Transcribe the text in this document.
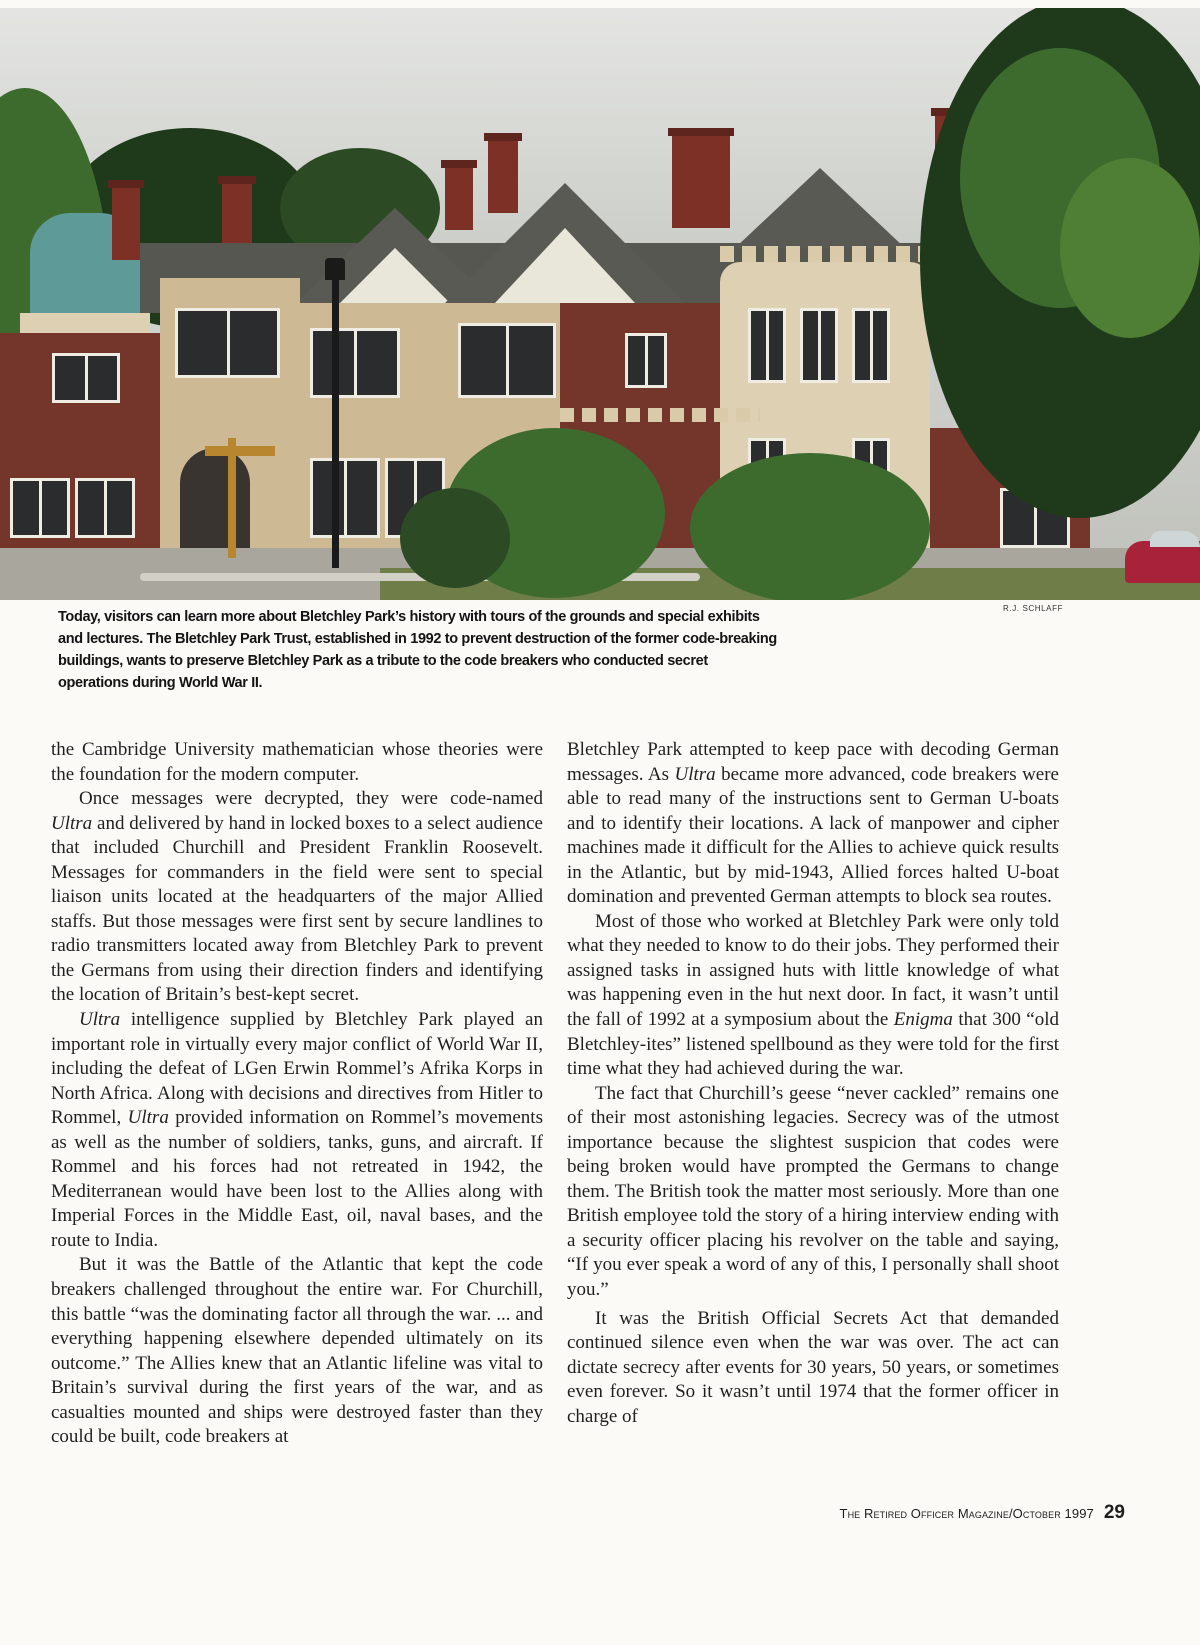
Today, visitors can learn more about Bletchley Park’s history with tours of the grounds and special exhibits and lectures. The Bletchley Park Trust, established in 1992 to prevent destruction of the former code-breaking buildings, wants to preserve Bletchley Park as a tribute to the code breakers who conducted secret operations during World War II.

R.J. SCHLAFF

the Cambridge University mathematician whose theories were the foundation for the modern computer.

Once messages were decrypted, they were code-named Ultra and delivered by hand in locked boxes to a select audience that included Churchill and President Franklin Roosevelt. Messages for commanders in the field were sent to special liaison units located at the headquarters of the major Allied staffs. But those messages were first sent by secure landlines to radio transmitters located away from Bletchley Park to prevent the Germans from using their direction finders and identifying the location of Britain’s best-kept secret.

Ultra intelligence supplied by Bletchley Park played an important role in virtually every major conflict of World War II, including the defeat of LGen Erwin Rommel’s Afrika Korps in North Africa. Along with decisions and directives from Hitler to Rommel, Ultra provided information on Rommel’s movements as well as the number of soldiers, tanks, guns, and aircraft. If Rommel and his forces had not retreated in 1942, the Mediterranean would have been lost to the Allies along with Imperial Forces in the Middle East, oil, naval bases, and the route to India.

But it was the Battle of the Atlantic that kept the code breakers challenged throughout the entire war. For Churchill, this battle “was the dominating factor all through the war. ... and everything happening elsewhere depended ultimately on its outcome.” The Allies knew that an Atlantic lifeline was vital to Britain’s survival during the first years of the war, and as casualties mounted and ships were destroyed faster than they could be built, code breakers at

Bletchley Park attempted to keep pace with decoding German messages. As Ultra became more advanced, code breakers were able to read many of the instructions sent to German U-boats and to identify their locations. A lack of manpower and cipher machines made it difficult for the Allies to achieve quick results in the Atlantic, but by mid-1943, Allied forces halted U-boat domination and prevented German attempts to block sea routes.

Most of those who worked at Bletchley Park were only told what they needed to know to do their jobs. They performed their assigned tasks in assigned huts with little knowledge of what was happening even in the hut next door. In fact, it wasn’t until the fall of 1992 at a symposium about the Enigma that 300 “old Bletchley-ites” listened spellbound as they were told for the first time what they had achieved during the war.

The fact that Churchill’s geese “never cackled” remains one of their most astonishing legacies. Secrecy was of the utmost importance because the slightest suspicion that codes were being broken would have prompted the Germans to change them. The British took the matter most seriously. More than one British employee told the story of a hiring interview ending with a security officer placing his revolver on the table and saying, “If you ever speak a word of any of this, I personally shall shoot you.”

It was the British Official Secrets Act that demanded continued silence even when the war was over. The act can dictate secrecy after events for 30 years, 50 years, or sometimes even forever. So it wasn’t until 1974 that the former officer in charge of

The Retired Officer Magazine/October 1997 29
